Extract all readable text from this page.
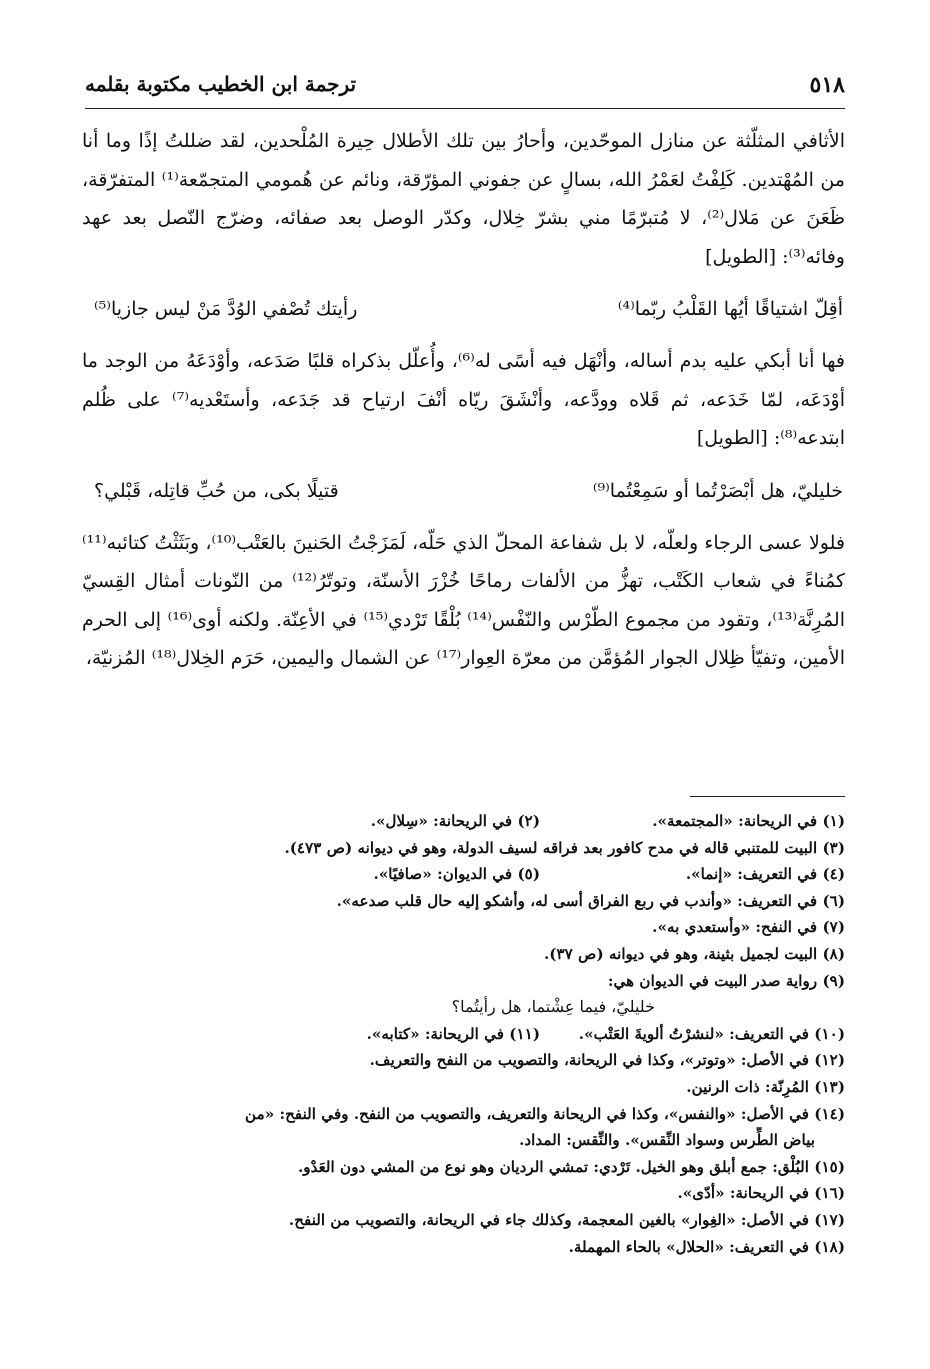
٥١٨
ترجمة ابن الخطيب مكتوبة بقلمه

الأثافي المثلّثة عن منازل الموحّدين، وأحارُ بين تلك الأطلال حِيرة المُلْحدين، لقد ضللتُ إذًا وما أنا من المُهْتدين. كَلِفْتُ لعَمْرُ الله، بسالٍ عن جفوني المؤرّقة، ونائم عن هُمومي المتجمّعة⁽¹⁾ المتفرّقة، ظَعَنَ عن مَلال⁽²⁾، لا مُتبرّمًا مني بشرّ خِلال، وكدّر الوصل بعد صفائه، وضرّج النّصل بعد عهد وفائه⁽³⁾: [الطويل]

أقِلّ اشتياقًا أيُها القَلْبُ ربّما⁽⁴⁾
رأيتك تُصْفي الوُدَّ مَنْ ليس جازيا⁽⁵⁾

فها أنا أبكي عليه بدم أساله، وأنْهَل فيه أسًى له⁽⁶⁾، وأُعلّل بذكراه قلبًا صَدَعه، وأوْدَعَهُ من الوجد ما أوْدَعَه، لمّا خَدَعه، ثم قَلاه وودَّعه، وأنْشَقَ ريّاه أنْفَ ارتياح قد جَدَعه، وأستَعْديه⁽⁷⁾ على ظُلم ابتدعه⁽⁸⁾: [الطويل]

خليليّ، هل أبْصَرْتُما أو سَمِعْتُما⁽⁹⁾
قتيلًا بكى، من حُبِّ قاتِله، قَبْلي؟

فلولا عسى الرجاء ولعلّه، لا بل شفاعة المحلّ الذي حَلّه، لَمَزَجْتُ الحَنينَ بالعَتْب⁽¹⁰⁾، وبَثَثْتُ كتائبه⁽¹¹⁾ كمُناءً في شعاب الكَتْب، تهزُّ من الألفات رماحًا خُزْرَ الأسنّة، وتوتّرُ⁽¹²⁾ من النّونات أمثال القِسيّ المُرِنَّة⁽¹³⁾، وتقود من مجموع الطّرْس والنّفْس⁽¹⁴⁾ بُلْقًا تَرْدي⁽¹⁵⁾ في الأعِنّة. ولكنه أوى⁽¹⁶⁾ إلى الحرم الأمين، وتفيّأ ظِلال الجوار المُؤمَّن من معرّة العِوار⁽¹⁷⁾ عن الشمال واليمين، حَرَم الخِلال⁽¹⁸⁾ المُزنيّة،

(١) في الريحانة: «المجتمعة».
(٢) في الريحانة: «سِلال».
(٣) البيت للمتنبي قاله في مدح كافور بعد فراقه لسيف الدولة، وهو في ديوانه (ص ٤٧٣).
(٤) في التعريف: «إنما».
(٥) في الديوان: «صافيًا».
(٦) في التعريف: «وأندب في ربع الفراق أسى له، وأشكو إليه حال قلب صدعه».
(٧) في النفح: «وأستعدي به».
(٨) البيت لجميل بثينة، وهو في ديوانه (ص ٣٧).
(٩) رواية صدر البيت في الديوان هي:
خليليّ، فيما عِشْتما، هل رأيتُما؟
(١٠) في التعريف: «لنشرْتُ ألويةَ العَتْب».
(١١) في الريحانة: «كتابه».
(١٢) في الأصل: «وتوتر»، وكذا في الريحانة، والتصويب من النفح والتعريف.
(١٣) المُرِنّة: ذات الرنين.
(١٤) في الأصل: «والنفس»، وكذا في الريحانة والتعريف، والتصويب من النفح. وفي النفح: «من
بياض الطِّرس وسواد النِّقس». والنِّقس: المداد.
(١٥) البُلْق: جمع أبلق وهو الخيل. تَرْدي: تمشي الرديان وهو نوع من المشي دون العَدْو.
(١٦) في الريحانة: «أدّى».
(١٧) في الأصل: «الغِوار» بالغين المعجمة، وكذلك جاء في الريحانة، والتصويب من النفح.
(١٨) في التعريف: «الحلال» بالحاء المهملة.
